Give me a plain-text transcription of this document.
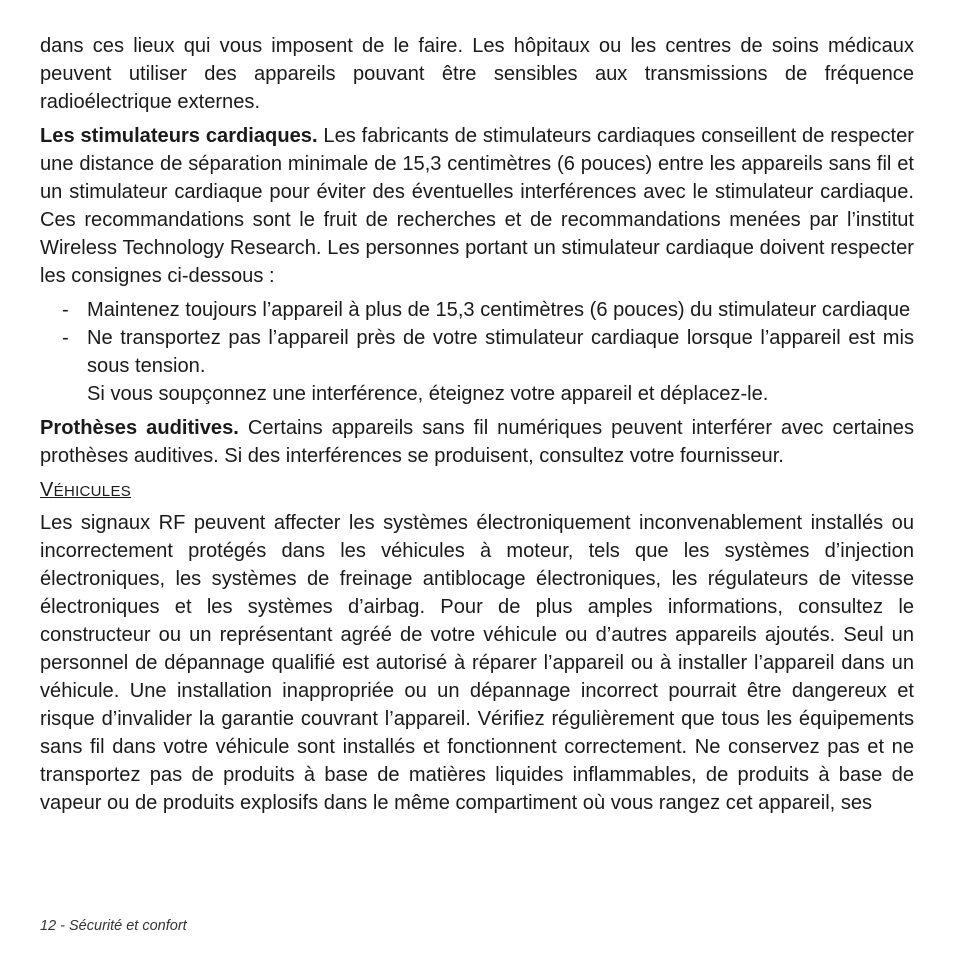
dans ces lieux qui vous imposent de le faire. Les hôpitaux ou les centres de soins médicaux peuvent utiliser des appareils pouvant être sensibles aux transmissions de fréquence radioélectrique externes.

Les stimulateurs cardiaques. Les fabricants de stimulateurs cardiaques conseillent de respecter une distance de séparation minimale de 15,3 centimètres (6 pouces) entre les appareils sans fil et un stimulateur cardiaque pour éviter des éventuelles interférences avec le stimulateur cardiaque. Ces recommandations sont le fruit de recherches et de recommandations menées par l’institut Wireless Technology Research. Les personnes portant un stimulateur cardiaque doivent respecter les consignes ci-dessous :

- Maintenez toujours l’appareil à plus de 15,3 centimètres (6 pouces) du stimulateur cardiaque
- Ne transportez pas l’appareil près de votre stimulateur cardiaque lorsque l’appareil est mis sous tension.
Si vous soupçonnez une interférence, éteignez votre appareil et déplacez-le.

Prothèses auditives. Certains appareils sans fil numériques peuvent interférer avec certaines prothèses auditives. Si des interférences se produisent, consultez votre fournisseur.

VÉHICULES

Les signaux RF peuvent affecter les systèmes électroniquement inconvenablement installés ou incorrectement protégés dans les véhicules à moteur, tels que les systèmes d’injection électroniques, les systèmes de freinage antiblocage électroniques, les régulateurs de vitesse électroniques et les systèmes d’airbag. Pour de plus amples informations, consultez le constructeur ou un représentant agréé de votre véhicule ou d’autres appareils ajoutés. Seul un personnel de dépannage qualifié est autorisé à réparer l’appareil ou à installer l’appareil dans un véhicule. Une installation inappropriée ou un dépannage incorrect pourrait être dangereux et risque d’invalider la garantie couvrant l’appareil. Vérifiez régulièrement que tous les équipements sans fil dans votre véhicule sont installés et fonctionnent correctement. Ne conservez pas et ne transportez pas de produits à base de matières liquides inflammables, de produits à base de vapeur ou de produits explosifs dans le même compartiment où vous rangez cet appareil, ses

12 - Sécurité et confort
